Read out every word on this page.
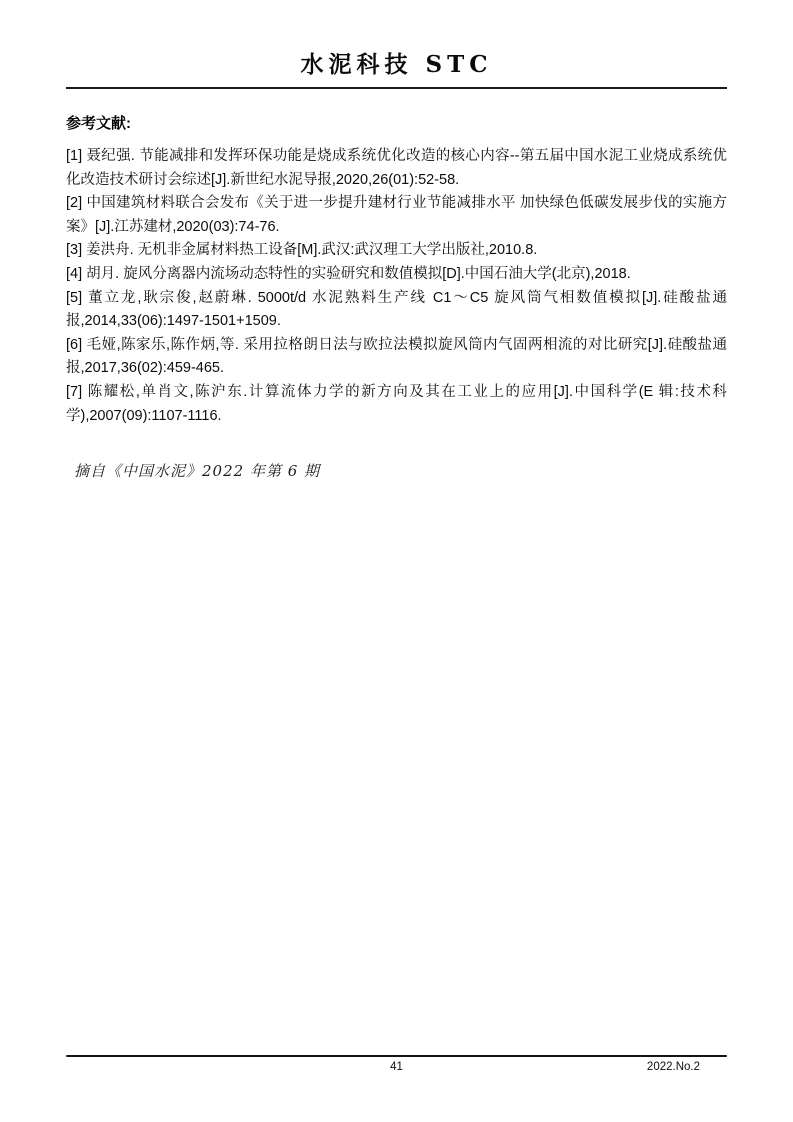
水泥科技 STC
参考文献:

[1] 聂纪强. 节能减排和发挥环保功能是烧成系统优化改造的核心内容--第五届中国水泥工业烧成系统优化改造技术研讨会综述[J].新世纪水泥导报,2020,26(01):52-58.

[2] 中国建筑材料联合会发布《关于进一步提升建材行业节能减排水平 加快绿色低碳发展步伐的实施方案》[J].江苏建材,2020(03):74-76.

[3] 姜洪舟. 无机非金属材料热工设备[M].武汉:武汉理工大学出版社,2010.8.

[4] 胡月. 旋风分离器内流场动态特性的实验研究和数值模拟[D].中国石油大学(北京),2018.

[5] 董立龙,耿宗俊,赵蔚琳. 5000t/d 水泥熟料生产线 C1～C5 旋风筒气相数值模拟[J].硅酸盐通报,2014,33(06):1497-1501+1509.

[6] 毛娅,陈家乐,陈作炳,等. 采用拉格朗日法与欧拉法模拟旋风筒内气固两相流的对比研究[J].硅酸盐通报,2017,36(02):459-465.

[7] 陈耀松,单肖文,陈沪东.计算流体力学的新方向及其在工业上的应用[J].中国科学(E 辑:技术科学),2007(09):1107-1116.

摘自《中国水泥》2022 年第 6 期
41	2022.No.2
